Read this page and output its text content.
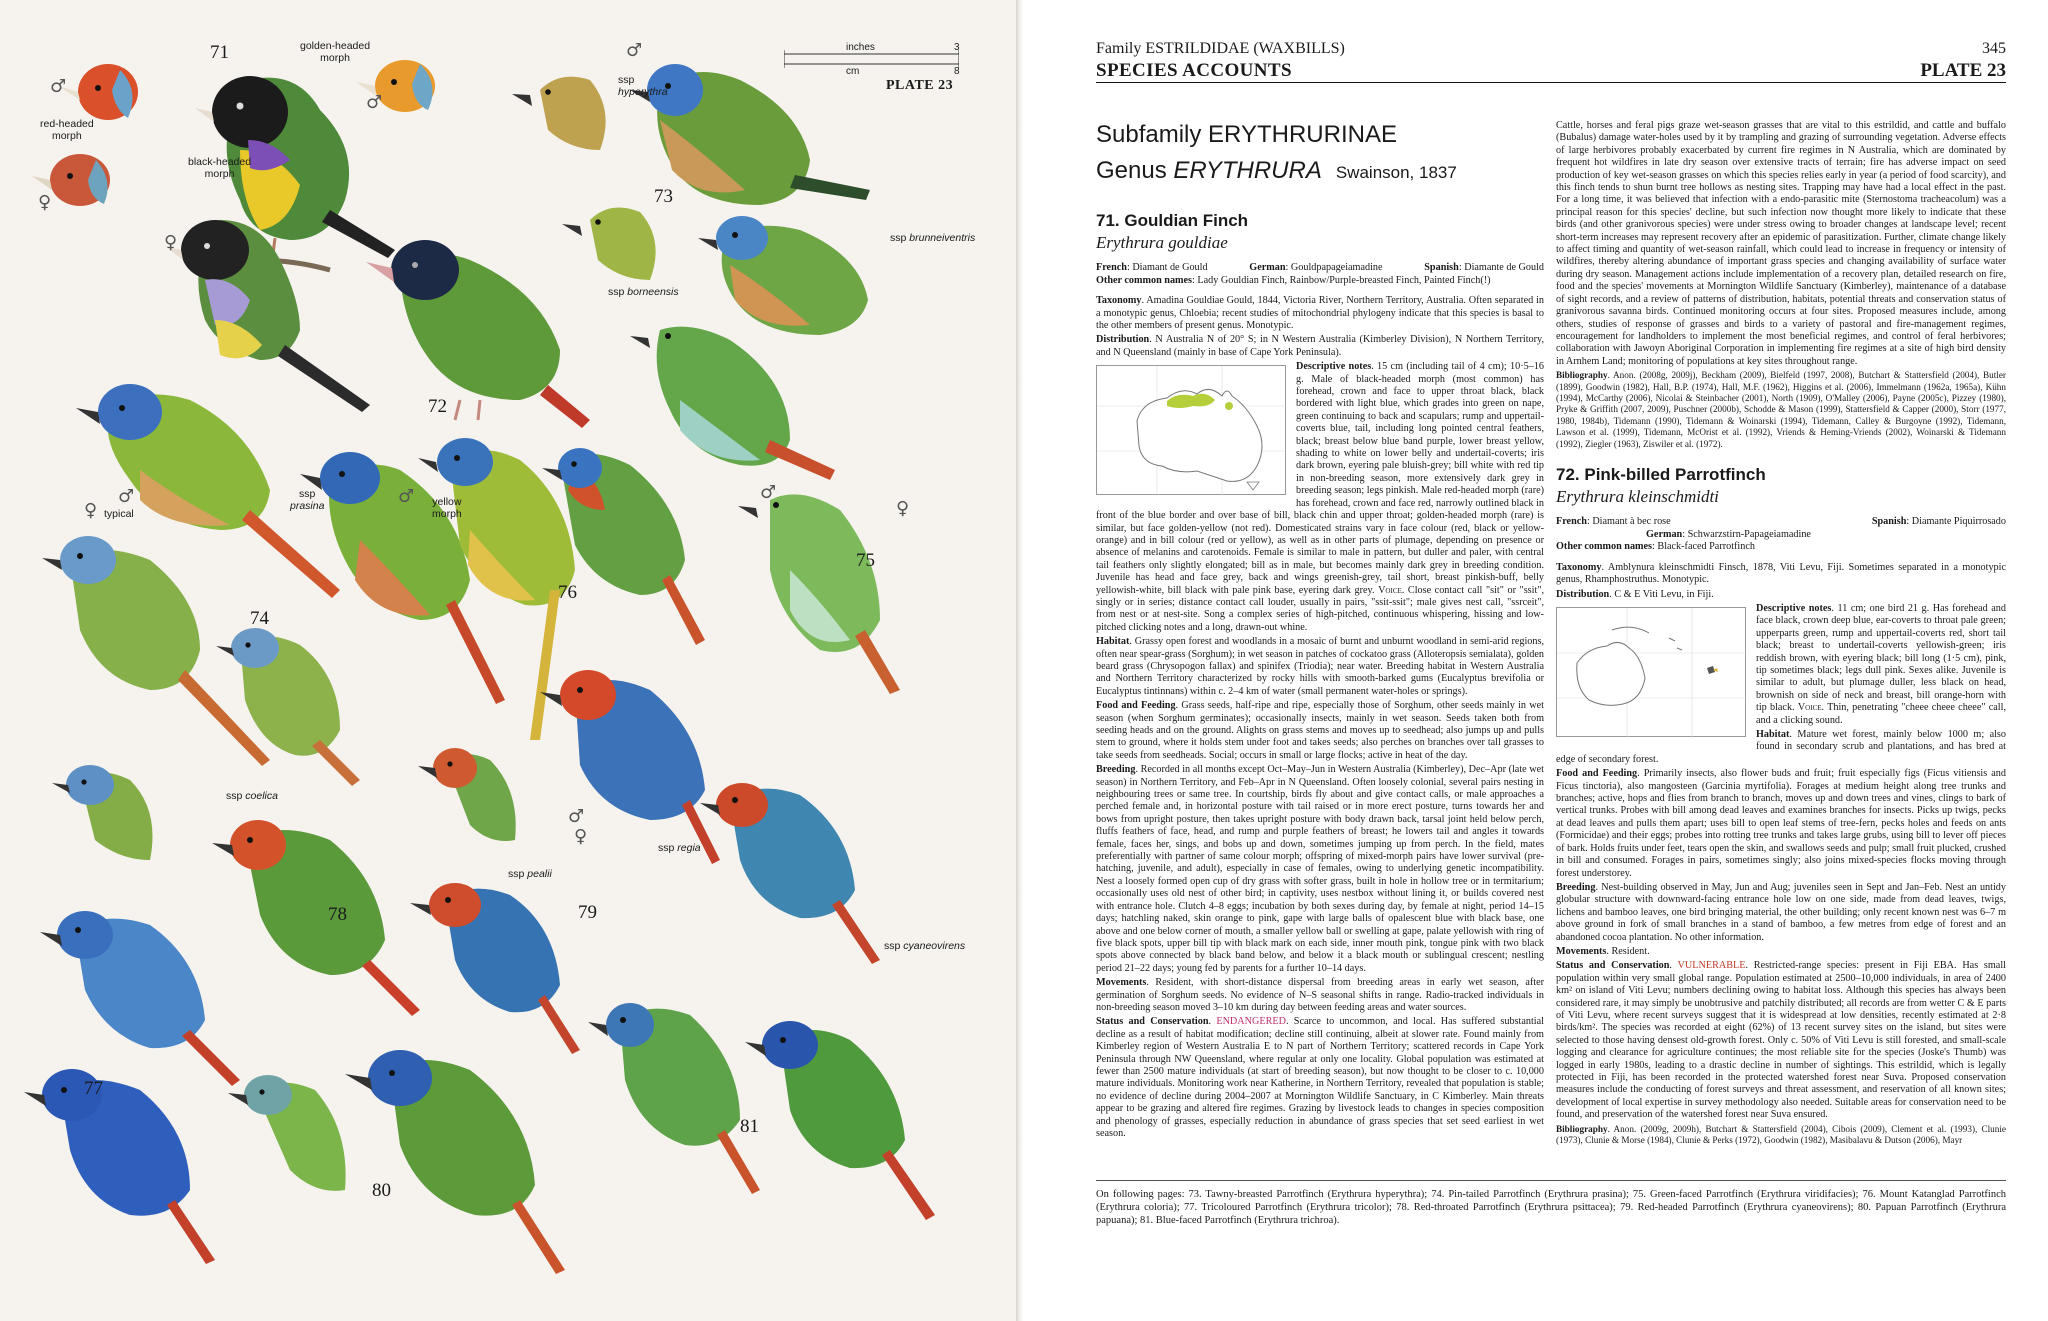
inches	3
cm	8
PLATE 23
71
72
73
74
75
76
77
78	79
80
81
red-headed
morph
golden-headed
morph
black-headed
morph
ssp
hyperythra
ssp brunneiventris
ssp borneensis
typical
ssp
prasina	yellow
morph
ssp coelica
ssp pealii
ssp regia
ssp cyaneovirens
♂
♀
♂
♀
♂
♀
♂	♂	♂
♀
♂
♀
Family ESTRILDIDAE (WAXBILLS)
SPECIES ACCOUNTS
345
PLATE 23
Subfamily ERYTHRURINAE
Genus ERYTHRURA Swainson, 1837
71. Gouldian Finch
Erythrura gouldiae
French: Diamant de Gould	German: Gouldpapageiamadine	Spanish: Diamante de Gould
Other common names: Lady Gouldian Finch, Rainbow/Purple-breasted Finch, Painted Finch(!)
Taxonomy. Amadina Gouldiae Gould, 1844, Victoria River, Northern Territory, Australia. Often separated in a monotypic genus, Chloebia; recent studies of mitochondrial phylogeny indicate that this species is basal to the other members of present genus. Monotypic.
Distribution. N Australia N of 20° S; in N Western Australia (Kimberley Division), N Northern Territory, and N Queensland (mainly in base of Cape York Peninsula).
Descriptive notes. 15 cm (including tail of 4 cm); 10·5–16 g. Male of black-headed morph (most common) has forehead, crown and face to upper throat black, black bordered with light blue, which grades into green on nape, green continuing to back and scapulars; rump and uppertail-coverts blue, tail, including long pointed central feathers, black; breast below blue band purple, lower breast yellow, shading to white on lower belly and undertail-coverts; iris dark brown, eyering pale bluish-grey; bill white with red tip in non-breeding season, more extensively dark grey in breeding season; legs pinkish. Male red-headed morph (rare) has forehead, crown and face red, narrowly outlined black in front of the blue border and over base of bill, black chin and upper throat; golden-headed morph (rare) is similar, but face golden-yellow (not red). Domesticated strains vary in face colour (red, black or yellow-orange) and in bill colour (red or yellow), as well as in other parts of plumage, depending on presence or absence of melanins and carotenoids. Female is similar to male in pattern, but duller and paler, with central tail feathers only slightly elongated; bill as in male, but becomes mainly dark grey in breeding condition. Juvenile has head and face grey, back and wings greenish-grey, tail short, breast pinkish-buff, belly yellowish-white, bill black with pale pink base, eyering dark grey. Voice. Close contact call "sit" or "ssit", singly or in series; distance contact call louder, usually in pairs, "ssit-ssit"; male gives nest call, "ssrceit", from nest or at nest-site. Song a complex series of high-pitched, continuous whispering, hissing and low-pitched clicking notes and a long, drawn-out whine.
Habitat. Grassy open forest and woodlands in a mosaic of burnt and unburnt woodland in semi-arid regions, often near spear-grass (Sorghum); in wet season in patches of cockatoo grass (Alloteropsis semialata), golden beard grass (Chrysopogon fallax) and spinifex (Triodia); near water. Breeding habitat in Western Australia and Northern Territory characterized by rocky hills with smooth-barked gums (Eucalyptus brevifolia or Eucalyptus tintinnans) within c. 2–4 km of water (small permanent water-holes or springs).
Food and Feeding. Grass seeds, half-ripe and ripe, especially those of Sorghum, other seeds mainly in wet season (when Sorghum germinates); occasionally insects, mainly in wet season. Seeds taken both from seeding heads and on the ground. Alights on grass stems and moves up to seedhead; also jumps up and pulls stem to ground, where it holds stem under foot and takes seeds; also perches on branches over tall grasses to take seeds from seedheads. Social; occurs in small or large flocks; active in heat of the day.
Breeding. Recorded in all months except Oct–May–Jun in Western Australia (Kimberley), Dec–Apr (late wet season) in Northern Territory, and Feb–Apr in N Queensland. Often loosely colonial, several pairs nesting in neighbouring trees or same tree. In courtship, birds fly about and give contact calls, or male approaches a perched female and, in horizontal posture with tail raised or in more erect posture, turns towards her and bows from upright posture, then takes upright posture with body drawn back, tarsal joint held below perch, fluffs feathers of face, head, and rump and purple feathers of breast; he lowers tail and angles it towards female, faces her, sings, and bobs up and down, sometimes jumping up from perch. In the field, mates preferentially with partner of same colour morph; offspring of mixed-morph pairs have lower survival (pre-hatching, juvenile, and adult), especially in case of females, owing to underlying genetic incompatibility. Nest a loosely formed open cup of dry grass with softer grass, built in hole in hollow tree or in termitarium; occasionally uses old nest of other bird; in captivity, uses nestbox without lining it, or builds covered nest with entrance hole. Clutch 4–8 eggs; incubation by both sexes during day, by female at night, period 14–15 days; hatchling naked, skin orange to pink, gape with large balls of opalescent blue with black base, one above and one below corner of mouth, a smaller yellow ball or swelling at gape, palate yellowish with ring of five black spots, upper bill tip with black mark on each side, inner mouth pink, tongue pink with two black spots above connected by black band below, and below it a black mouth or sublingual crescent; nestling period 21–22 days; young fed by parents for a further 10–14 days.
Movements. Resident, with short-distance dispersal from breeding areas in early wet season, after germination of Sorghum seeds. No evidence of N–S seasonal shifts in range. Radio-tracked individuals in non-breeding season moved 3–10 km during day between feeding areas and water sources.
Status and Conservation. ENDANGERED. Scarce to uncommon, and local. Has suffered substantial decline as a result of habitat modification; decline still continuing, albeit at slower rate. Found mainly from Kimberley region of Western Australia E to N part of Northern Territory; scattered records in Cape York Peninsula through NW Queensland, where regular at only one locality. Global population was estimated at fewer than 2500 mature individuals (at start of breeding season), but now thought to be closer to c. 10,000 mature individuals. Monitoring work near Katherine, in Northern Territory, revealed that population is stable; no evidence of decline during 2004–2007 at Mornington Wildlife Sanctuary, in C Kimberley. Main threats appear to be grazing and altered fire regimes. Grazing by livestock leads to changes in species composition and phenology of grasses, especially reduction in abundance of grass species that set seed earliest in wet season.
Cattle, horses and feral pigs graze wet-season grasses that are vital to this estrildid, and cattle and buffalo (Bubalus) damage water-holes used by it by trampling and grazing of surrounding vegetation. Adverse effects of large herbivores probably exacerbated by current fire regimes in N Australia, which are dominated by frequent hot wildfires in late dry season over extensive tracts of terrain; fire has adverse impact on seed production of key wet-season grasses on which this species relies early in year (a period of food scarcity), and this finch tends to shun burnt tree hollows as nesting sites. Trapping may have had a local effect in the past. For a long time, it was believed that infection with a endo-parasitic mite (Sternostoma tracheacolum) was a principal reason for this species' decline, but such infection now thought more likely to indicate that these birds (and other granivorous species) were under stress owing to broader changes at landscape level; recent short-term increases may represent recovery after an epidemic of parasitization. Further, climate change likely to affect timing and quantity of wet-season rainfall, which could lead to increase in frequency or intensity of wildfires, thereby altering abundance of important grass species and changing availability of surface water during dry season. Management actions include implementation of a recovery plan, detailed research on fire, food and the species' movements at Mornington Wildlife Sanctuary (Kimberley), maintenance of a database of sight records, and a review of patterns of distribution, habitats, potential threats and conservation status of granivorous savanna birds. Continued monitoring occurs at four sites. Proposed measures include, among others, studies of response of grasses and birds to a variety of pastoral and fire-management regimes, encouragement for landholders to implement the most beneficial regimes, and control of feral herbivores; collaboration with Jawoyn Aboriginal Corporation in implementing fire regimes at a site of high bird density in Arnhem Land; monitoring of populations at key sites throughout range.
Bibliography. Anon. (2008g, 2009j), Beckham (2009), Bielfeld (1997, 2008), Butchart & Stattersfield (2004), Butler (1899), Goodwin (1982), Hall, B.P. (1974), Hall, M.F. (1962), Higgins et al. (2006), Immelmann (1962a, 1965a), Kühn (1994), McCarthy (2006), Nicolai & Steinbacher (2001), North (1909), O'Malley (2006), Payne (2005c), Pizzey (1980), Pryke & Griffith (2007, 2009), Puschner (2000b), Schodde & Mason (1999), Stattersfield & Capper (2000), Storr (1977, 1980, 1984b), Tidemann (1990), Tidemann & Woinarski (1994), Tidemann, Calley & Burgoyne (1992), Tidemann, Lawson et al. (1999), Tidemann, McOrist et al. (1992), Vriends & Heming-Vriends (2002), Woinarski & Tidemann (1992), Ziegler (1963), Ziswiler et al. (1972).
72. Pink-billed Parrotfinch
Erythrura kleinschmidti
French: Diamant à bec rose	Spanish: Diamante Piquirrosado
German: Schwarzstirn-Papageiamadine
Other common names: Black-faced Parrotfinch
Taxonomy. Amblynura kleinschmidti Finsch, 1878, Viti Levu, Fiji. Sometimes separated in a monotypic genus, Rhamphostruthus. Monotypic.
Distribution. C & E Viti Levu, in Fiji.
Descriptive notes. 11 cm; one bird 21 g. Has forehead and face black, crown deep blue, ear-coverts to throat pale green; upperparts green, rump and uppertail-coverts red, short tail black; breast to undertail-coverts yellowish-green; iris reddish brown, with eyering black; bill long (1·5 cm), pink, tip sometimes black; legs dull pink. Sexes alike. Juvenile is similar to adult, but plumage duller, less black on head, brownish on side of neck and breast, bill orange-horn with tip black. Voice. Thin, penetrating "cheee cheee cheee" call, and a clicking sound.
Habitat. Mature wet forest, mainly below 1000 m; also found in secondary scrub and plantations, and has bred at edge of secondary forest.
Food and Feeding. Primarily insects, also flower buds and fruit; fruit especially figs (Ficus vitiensis and Ficus tinctoria), also mangosteen (Garcinia myrtifolia). Forages at medium height along tree trunks and branches; active, hops and flies from branch to branch, moves up and down trees and vines, clings to bark of vertical trunks. Probes with bill among dead leaves and examines branches for insects. Picks up twigs, pecks at dead leaves and pulls them apart; uses bill to open leaf stems of tree-fern, pecks holes and feeds on ants (Formicidae) and their eggs; probes into rotting tree trunks and takes large grubs, using bill to lever off pieces of bark. Holds fruits under feet, tears open the skin, and swallows seeds and pulp; small fruit plucked, crushed in bill and consumed. Forages in pairs, sometimes singly; also joins mixed-species flocks moving through forest understorey.
Breeding. Nest-building observed in May, Jun and Aug; juveniles seen in Sept and Jan–Feb. Nest an untidy globular structure with downward-facing entrance hole low on one side, made from dead leaves, twigs, lichens and bamboo leaves, one bird bringing material, the other building; only recent known nest was 6–7 m above ground in fork of small branches in a stand of bamboo, a few metres from edge of forest and an abandoned cocoa plantation. No other information.
Movements. Resident.
Status and Conservation. VULNERABLE. Restricted-range species: present in Fiji EBA. Has small population within very small global range. Population estimated at 2500–10,000 individuals, in area of 2400 km² on island of Viti Levu; numbers declining owing to habitat loss. Although this species has always been considered rare, it may simply be unobtrusive and patchily distributed; all records are from wetter C & E parts of Viti Levu, where recent surveys suggest that it is widespread at low densities, recently estimated at 2·8 birds/km². The species was recorded at eight (62%) of 13 recent survey sites on the island, but sites were selected to those having densest old-growth forest. Only c. 50% of Viti Levu is still forested, and small-scale logging and clearance for agriculture continues; the most reliable site for the species (Joske's Thumb) was logged in early 1980s, leading to a drastic decline in number of sightings. This estrildid, which is legally protected in Fiji, has been recorded in the protected watershed forest near Suva. Proposed conservation measures include the conducting of forest surveys and threat assessment, and reservation of all known sites; development of local expertise in survey methodology also needed. Suitable areas for conservation need to be found, and preservation of the watershed forest near Suva ensured.
Bibliography. Anon. (2009g, 2009h), Butchart & Stattersfield (2004), Cibois (2009), Clement et al. (1993), Clunie (1973), Clunie & Morse (1984), Clunie & Perks (1972), Goodwin (1982), Masibalavu & Dutson (2006), Mayr
On following pages: 73. Tawny-breasted Parrotfinch (Erythrura hyperythra); 74. Pin-tailed Parrotfinch (Erythrura prasina); 75. Green-faced Parrotfinch (Erythrura viridifacies); 76. Mount Katanglad Parrotfinch (Erythrura coloria); 77. Tricoloured Parrotfinch (Erythrura tricolor); 78. Red-throated Parrotfinch (Erythrura psittacea); 79. Red-headed Parrotfinch (Erythrura cyaneovirens); 80. Papuan Parrotfinch (Erythrura papuana); 81. Blue-faced Parrotfinch (Erythrura trichroa).
